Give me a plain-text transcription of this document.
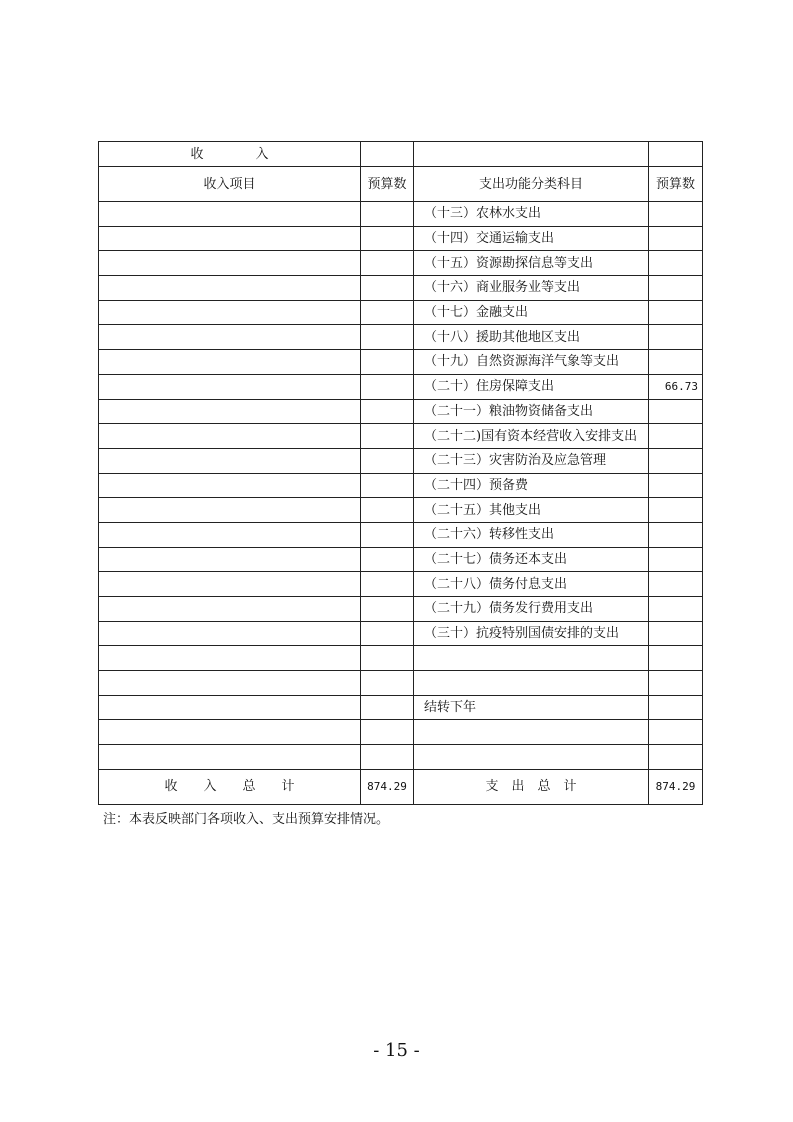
收　　　　入			
收入项目	预算数	支出功能分类科目	预算数
		（十三）农林水支出	
		（十四）交通运输支出	
		（十五）资源勘探信息等支出	
		（十六）商业服务业等支出	
		（十七）金融支出	
		（十八）援助其他地区支出	
		（十九）自然资源海洋气象等支出	
		（二十）住房保障支出	66.73
		（二十一）粮油物资储备支出	
		（二十二)国有资本经营收入安排支出	
		（二十三）灾害防治及应急管理	
		（二十四）预备费	
		（二十五）其他支出	
		（二十六）转移性支出	
		（二十七）债务还本支出	
		（二十八）债务付息支出	
		（二十九）债务发行费用支出	
		（三十）抗疫特别国债安排的支出	

		结转下年	

收　　入　　总　　计	874.29	支　出　总　计	874.29
注：本表反映部门各项收入、支出预算安排情况。
- 15 -
